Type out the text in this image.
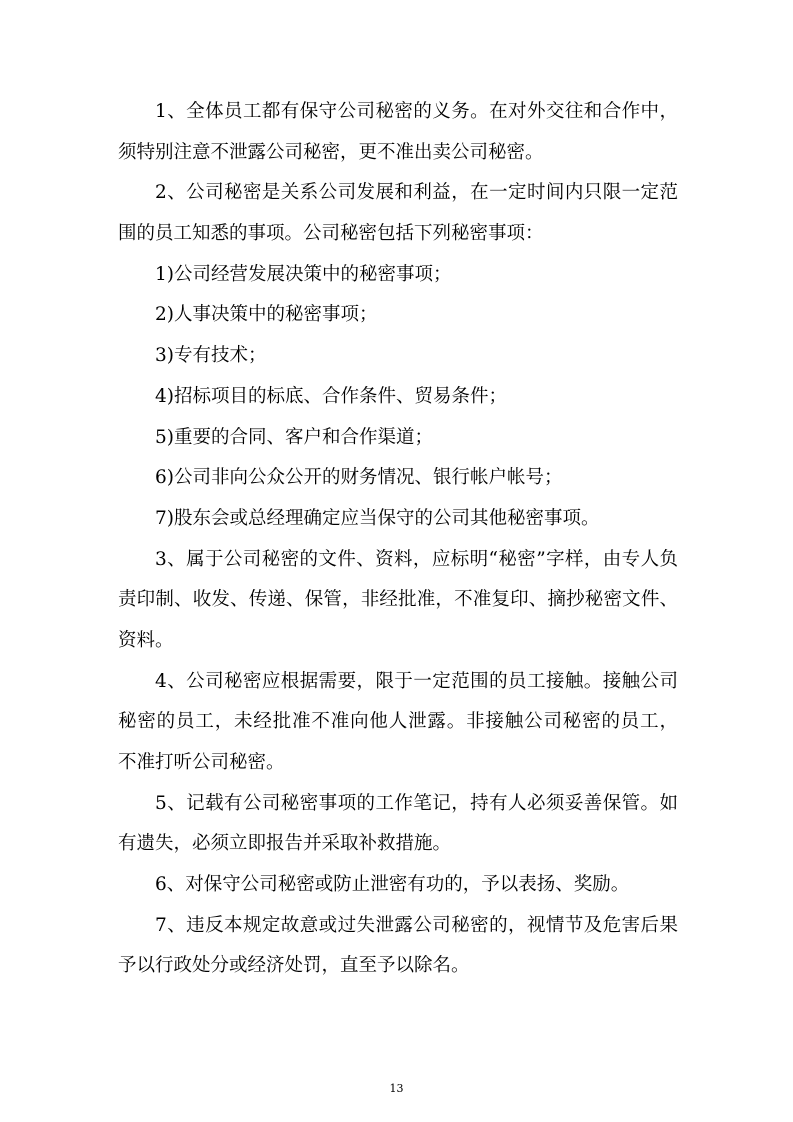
1、全体员工都有保守公司秘密的义务。在对外交往和合作中，
须特别注意不泄露公司秘密，更不准出卖公司秘密。
2、公司秘密是关系公司发展和利益，在一定时间内只限一定范
围的员工知悉的事项。公司秘密包括下列秘密事项：
1)公司经营发展决策中的秘密事项；
2)人事决策中的秘密事项；
3)专有技术；
4)招标项目的标底、合作条件、贸易条件；
5)重要的合同、客户和合作渠道；
6)公司非向公众公开的财务情况、银行帐户帐号；
7)股东会或总经理确定应当保守的公司其他秘密事项。
3、属于公司秘密的文件、资料，应标明“秘密”字样，由专人负
责印制、收发、传递、保管，非经批准，不准复印、摘抄秘密文件、
资料。
4、公司秘密应根据需要，限于一定范围的员工接触。接触公司
秘密的员工，未经批准不准向他人泄露。非接触公司秘密的员工，
不准打听公司秘密。
5、记载有公司秘密事项的工作笔记，持有人必须妥善保管。如
有遗失，必须立即报告并采取补救措施。
6、对保守公司秘密或防止泄密有功的，予以表扬、奖励。
7、违反本规定故意或过失泄露公司秘密的，视情节及危害后果
予以行政处分或经济处罚，直至予以除名。
13
